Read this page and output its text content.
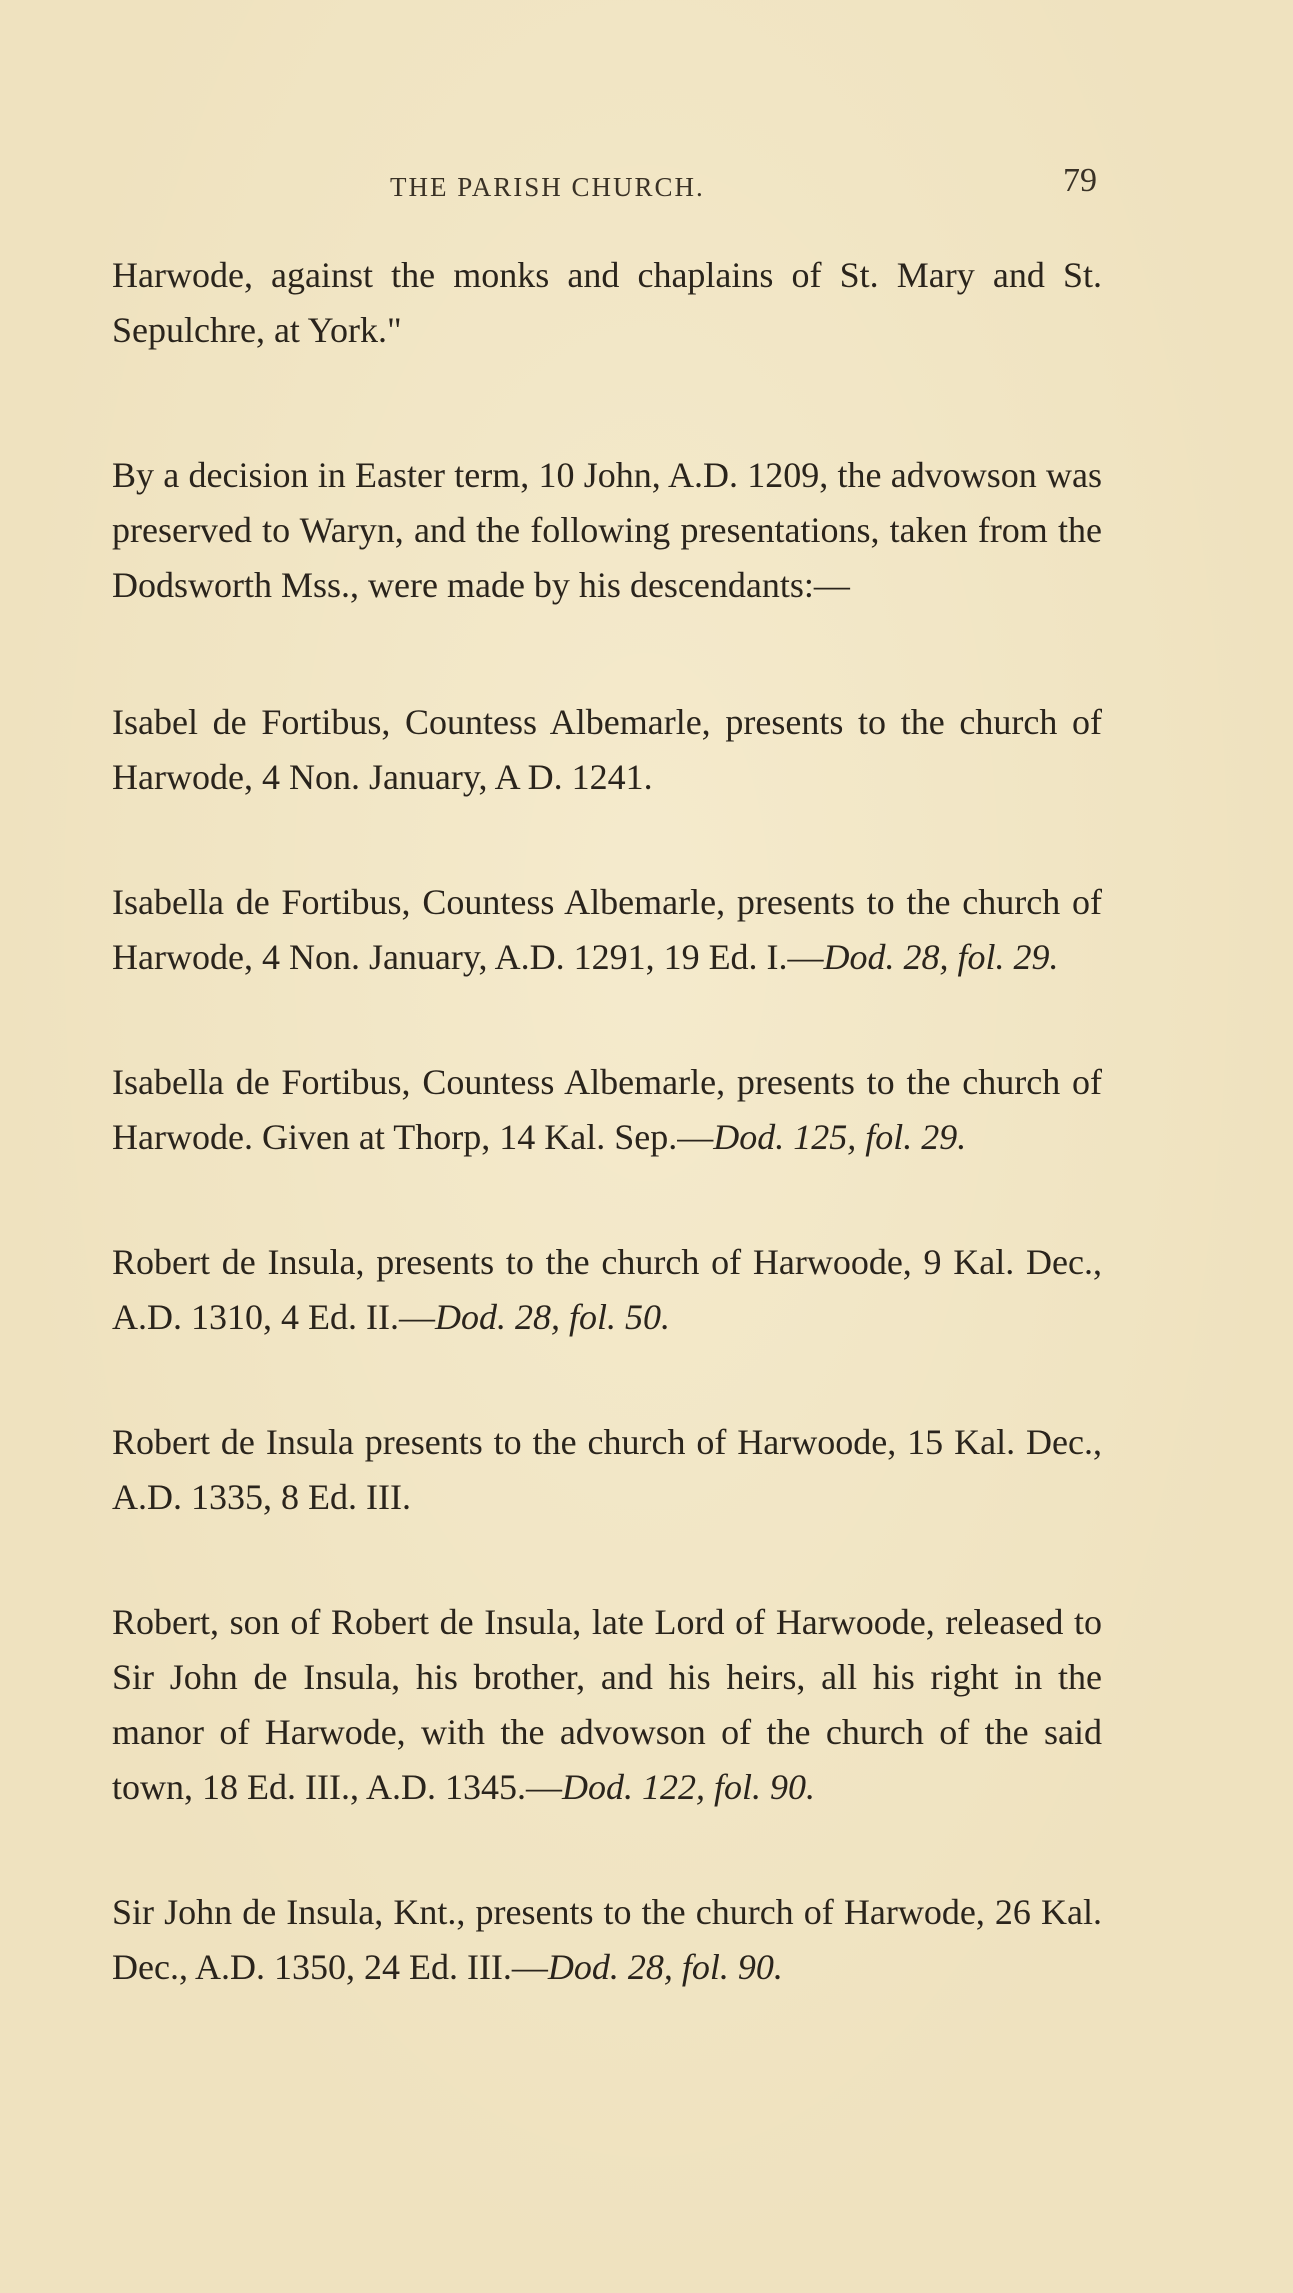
THE PARISH CHURCH.	79

Harwode, against the monks and chaplains of St. Mary and St. Sepulchre, at York."

By a decision in Easter term, 10 John, A.D. 1209, the advowson was preserved to Waryn, and the following presentations, taken from the Dodsworth Mss., were made by his descendants:—

Isabel de Fortibus, Countess Albemarle, presents to the church of Harwode, 4 Non. January, A D. 1241.

Isabella de Fortibus, Countess Albemarle, presents to the church of Harwode, 4 Non. January, A.D. 1291, 19 Ed. I.—Dod. 28, fol. 29.

Isabella de Fortibus, Countess Albemarle, presents to the church of Harwode. Given at Thorp, 14 Kal. Sep.—Dod. 125, fol. 29.

Robert de Insula, presents to the church of Harwoode, 9 Kal. Dec., A.D. 1310, 4 Ed. II.—Dod. 28, fol. 50.

Robert de Insula presents to the church of Harwoode, 15 Kal. Dec., A.D. 1335, 8 Ed. III.

Robert, son of Robert de Insula, late Lord of Harwoode, released to Sir John de Insula, his brother, and his heirs, all his right in the manor of Harwode, with the advowson of the church of the said town, 18 Ed. III., A.D. 1345.—Dod. 122, fol. 90.

Sir John de Insula, Knt., presents to the church of Harwode, 26 Kal. Dec., A.D. 1350, 24 Ed. III.—Dod. 28, fol. 90.
